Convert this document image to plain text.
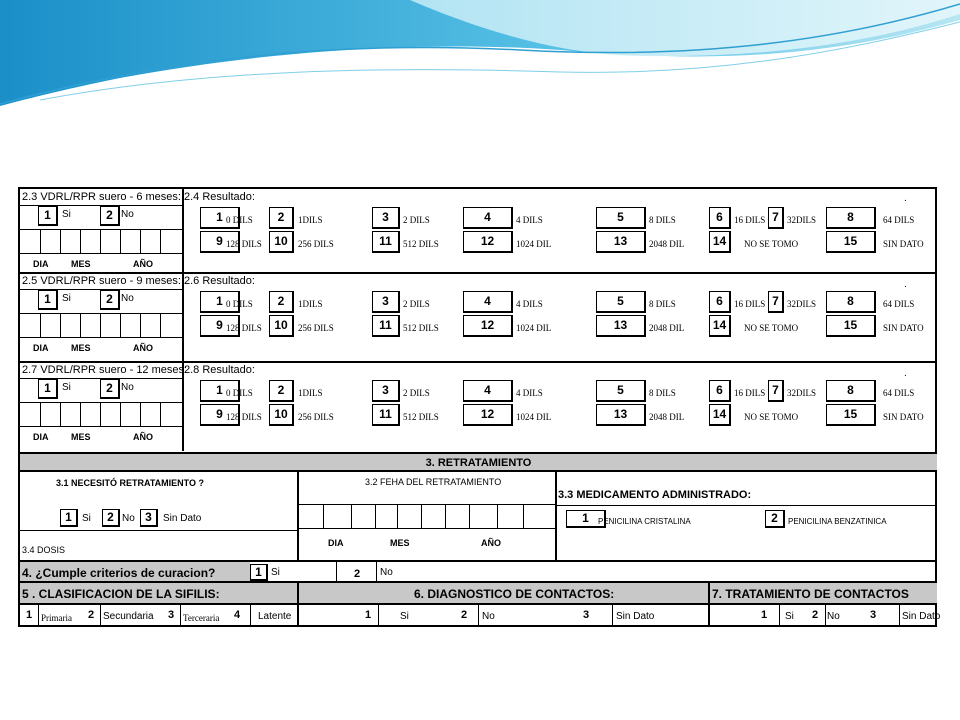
2.3 VDRL/RPR suero - 6 meses: 2.4 Resultado:
1	Si	2 No
DIA	MES	AÑO
1 0 DILS	2	1DILS	3	2 DILS	4	4 DILS	5	8 DILS	6	16 DILS 7 32DILS	8	64 DILS
9 128 DILS	10	256 DILS	11	512 DILS	12	1024 DIL	13	2048 DIL	14	NO SE TOMO	15	SIN DATO
.
2.5 VDRL/RPR suero - 9 meses: 2.6 Resultado:
1	Si	2 No
DIA	MES	AÑO
1 0 DILS	2	1DILS	3	2 DILS	4	4 DILS	5	8 DILS	6	16 DILS 7 32DILS	8	64 DILS
9 128 DILS	10	256 DILS	11	512 DILS	12	1024 DIL	13	2048 DIL	14	NO SE TOMO	15	SIN DATO
.
2.7 VDRL/RPR suero - 12 meses:
2.8 Resultado:
1	Si	2 No
DIA	MES	AÑO
1 0 DILS	2	1DILS	3	2 DILS	4	4 DILS	5	8 DILS	6	16 DILS 7 32DILS	8	64 DILS
9 128 DILS	10	256 DILS	11	512 DILS	12	1024 DIL	13	2048 DIL	14	NO SE TOMO	15	SIN DATO
.
3. RETRATAMIENTO
3.1 NECESITÓ RETRATAMIENTO ?
1	Si	2 No 3	Sin Dato
3.4 DOSIS
3.2 FEHA DEL RETRATAMIENTO
DIA	MES	AÑO
3.3 MEDICAMENTO ADMINISTRADO:
1	PENICILINA CRISTALINA	2	PENICILINA BENZATINICA
4. ¿Cumple criterios de curacion?	1 Si	2 No
5 . CLASIFICACION DE LA SIFILIS:	6. DIAGNOSTICO DE CONTACTOS:	7. TRATAMIENTO DE CONTACTOS
1 Primaria	2 Secundaria	3 Terceraria	4	Latente	1	Si	2	No	3	Sin Dato	1	Si	2 No	3	Sin Dato
